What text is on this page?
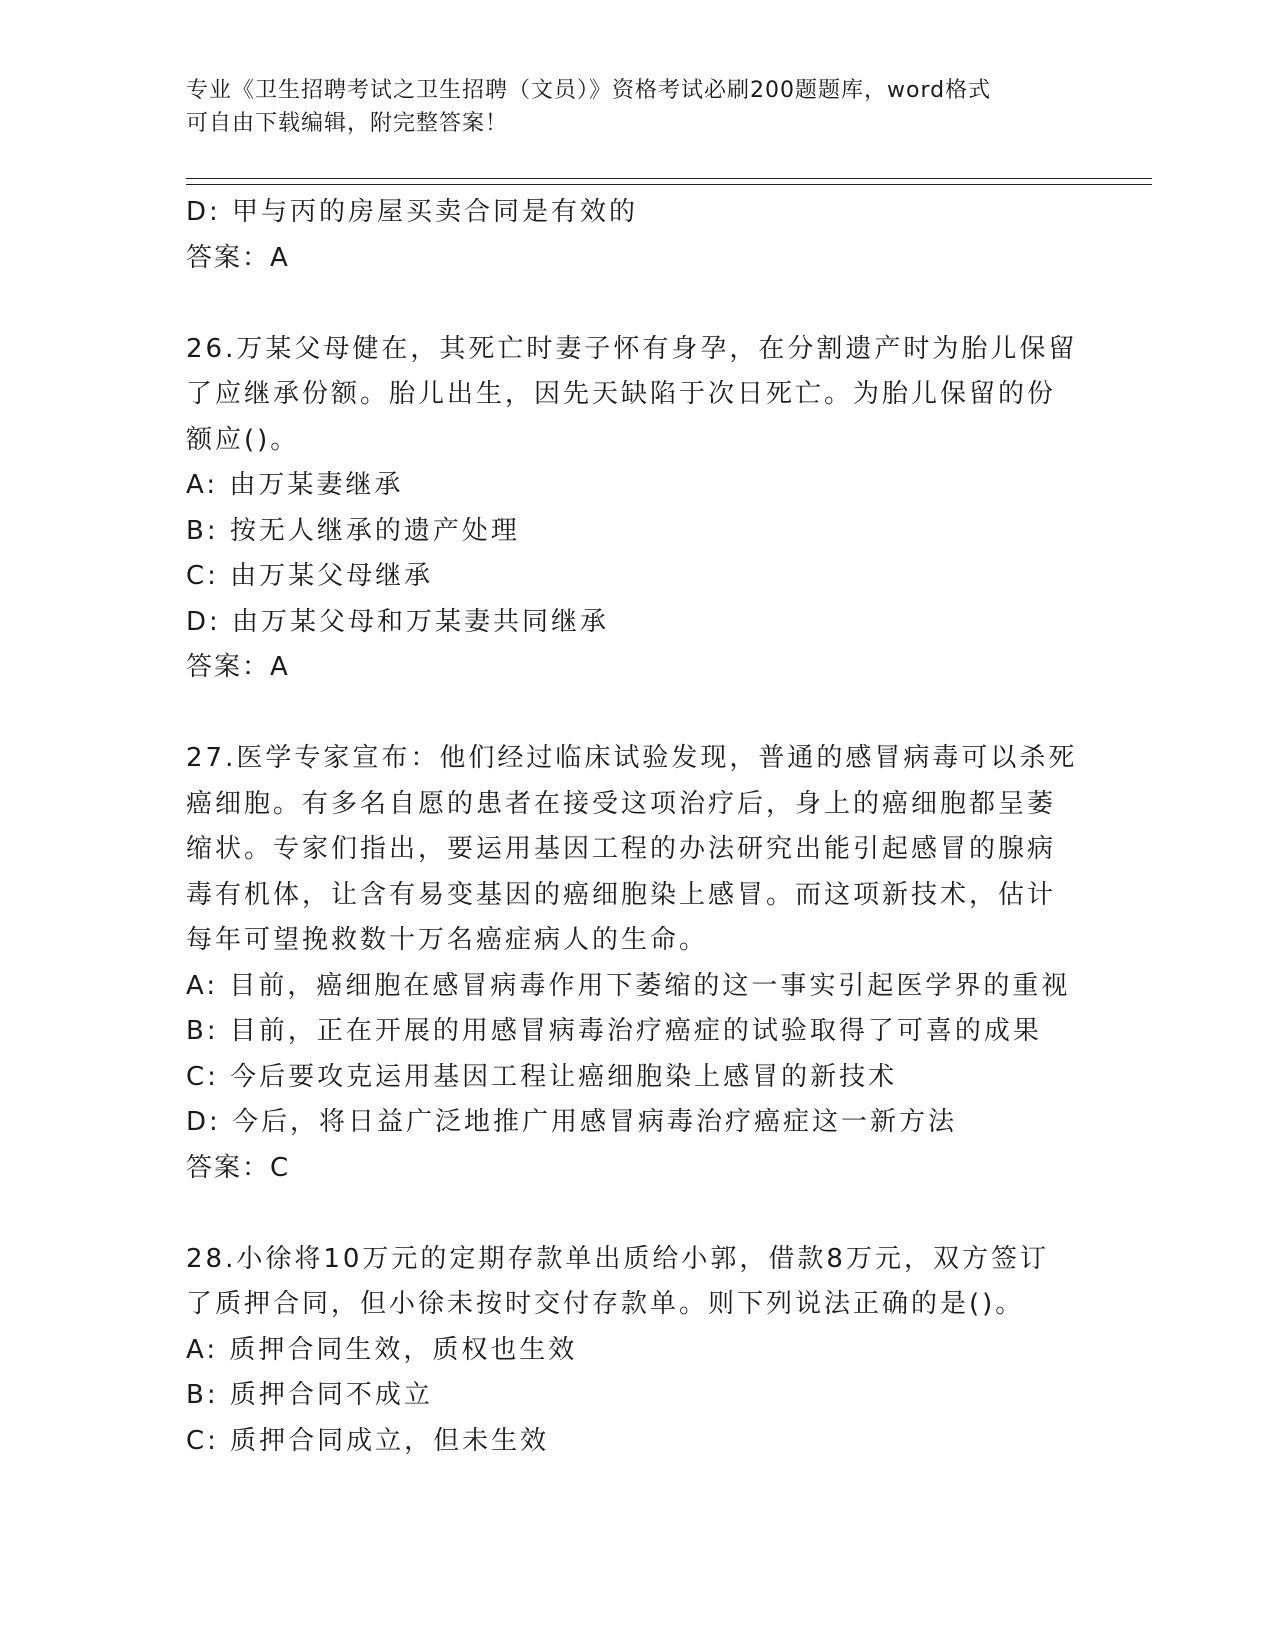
专业《卫生招聘考试之卫生招聘（文员）》资格考试必刷200题题库，word格式
可自由下载编辑，附完整答案！
D: 甲与丙的房屋买卖合同是有效的
答案：A
26.万某父母健在，其死亡时妻子怀有身孕，在分割遗产时为胎儿保留
了应继承份额。胎儿出生，因先天缺陷于次日死亡。为胎儿保留的份
额应()。
A: 由万某妻继承
B: 按无人继承的遗产处理
C: 由万某父母继承
D: 由万某父母和万某妻共同继承
答案：A
27.医学专家宣布：他们经过临床试验发现，普通的感冒病毒可以杀死
癌细胞。有多名自愿的患者在接受这项治疗后，身上的癌细胞都呈萎
缩状。专家们指出，要运用基因工程的办法研究出能引起感冒的腺病
毒有机体，让含有易变基因的癌细胞染上感冒。而这项新技术，估计
每年可望挽救数十万名癌症病人的生命。
A: 目前，癌细胞在感冒病毒作用下萎缩的这一事实引起医学界的重视
B: 目前，正在开展的用感冒病毒治疗癌症的试验取得了可喜的成果
C: 今后要攻克运用基因工程让癌细胞染上感冒的新技术
D: 今后，将日益广泛地推广用感冒病毒治疗癌症这一新方法
答案：C
28.小徐将10万元的定期存款单出质给小郭，借款8万元，双方签订
了质押合同，但小徐未按时交付存款单。则下列说法正确的是()。
A: 质押合同生效，质权也生效
B: 质押合同不成立
C: 质押合同成立，但未生效
